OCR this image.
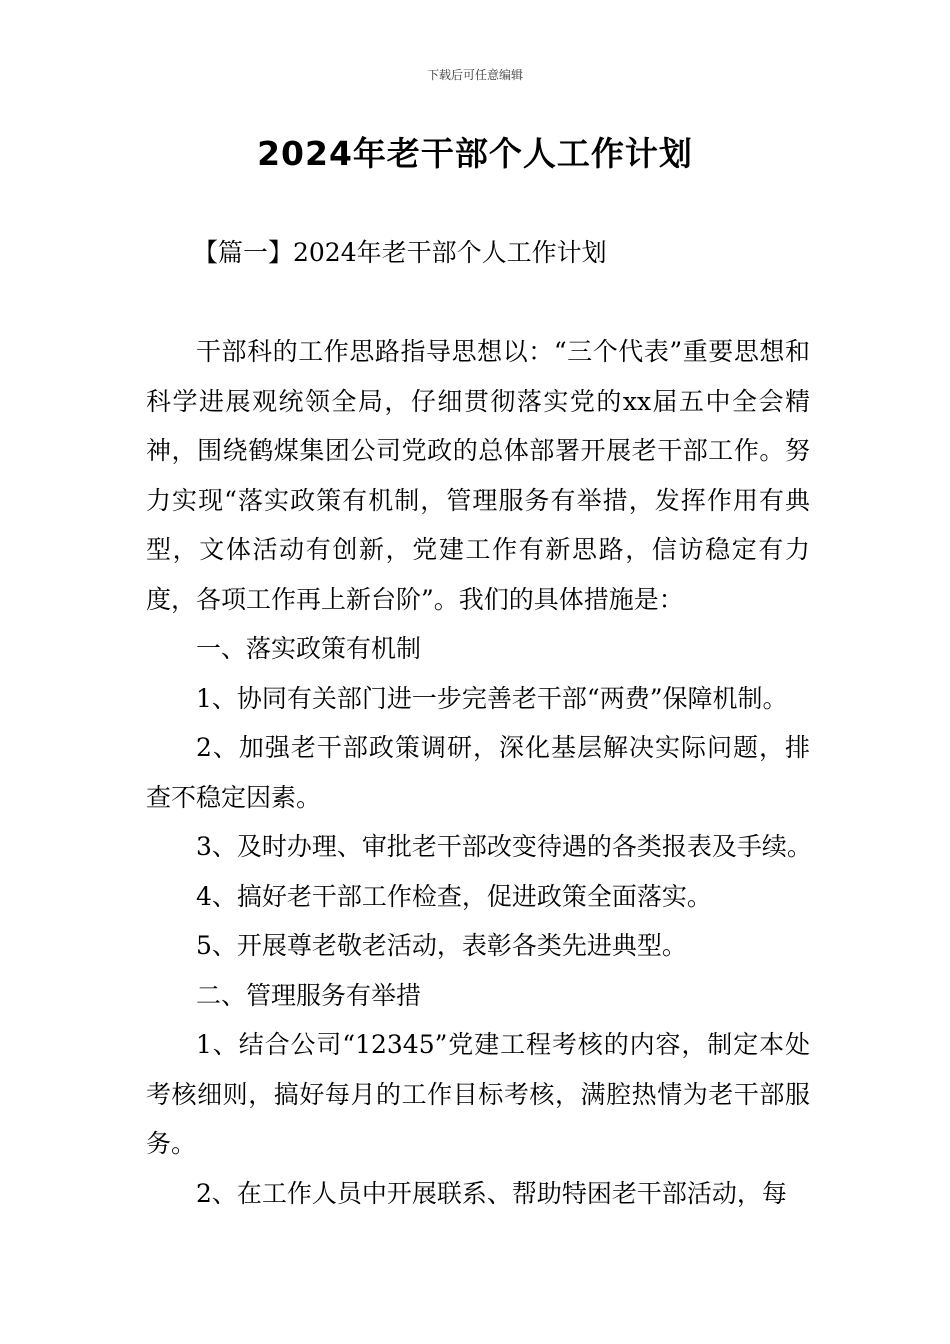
下载后可任意编辑
2024年老干部个人工作计划
【篇一】2024年老干部个人工作计划

干部科的工作思路指导思想以：“三个代表”重要思想和科学进展观统领全局，仔细贯彻落实党的xx届五中全会精神，围绕鹤煤集团公司党政的总体部署开展老干部工作。努力实现“落实政策有机制，管理服务有举措，发挥作用有典型，文体活动有创新，党建工作有新思路，信访稳定有力度，各项工作再上新台阶”。我们的具体措施是：

一、落实政策有机制

1、协同有关部门进一步完善老干部“两费”保障机制。

2、加强老干部政策调研，深化基层解决实际问题，排查不稳定因素。

3、及时办理、审批老干部改变待遇的各类报表及手续。

4、搞好老干部工作检查，促进政策全面落实。

5、开展尊老敬老活动，表彰各类先进典型。

二、管理服务有举措

1、结合公司“12345”党建工程考核的内容，制定本处考核细则，搞好每月的工作目标考核，满腔热情为老干部服务。

2、在工作人员中开展联系、帮助特困老干部活动，每
